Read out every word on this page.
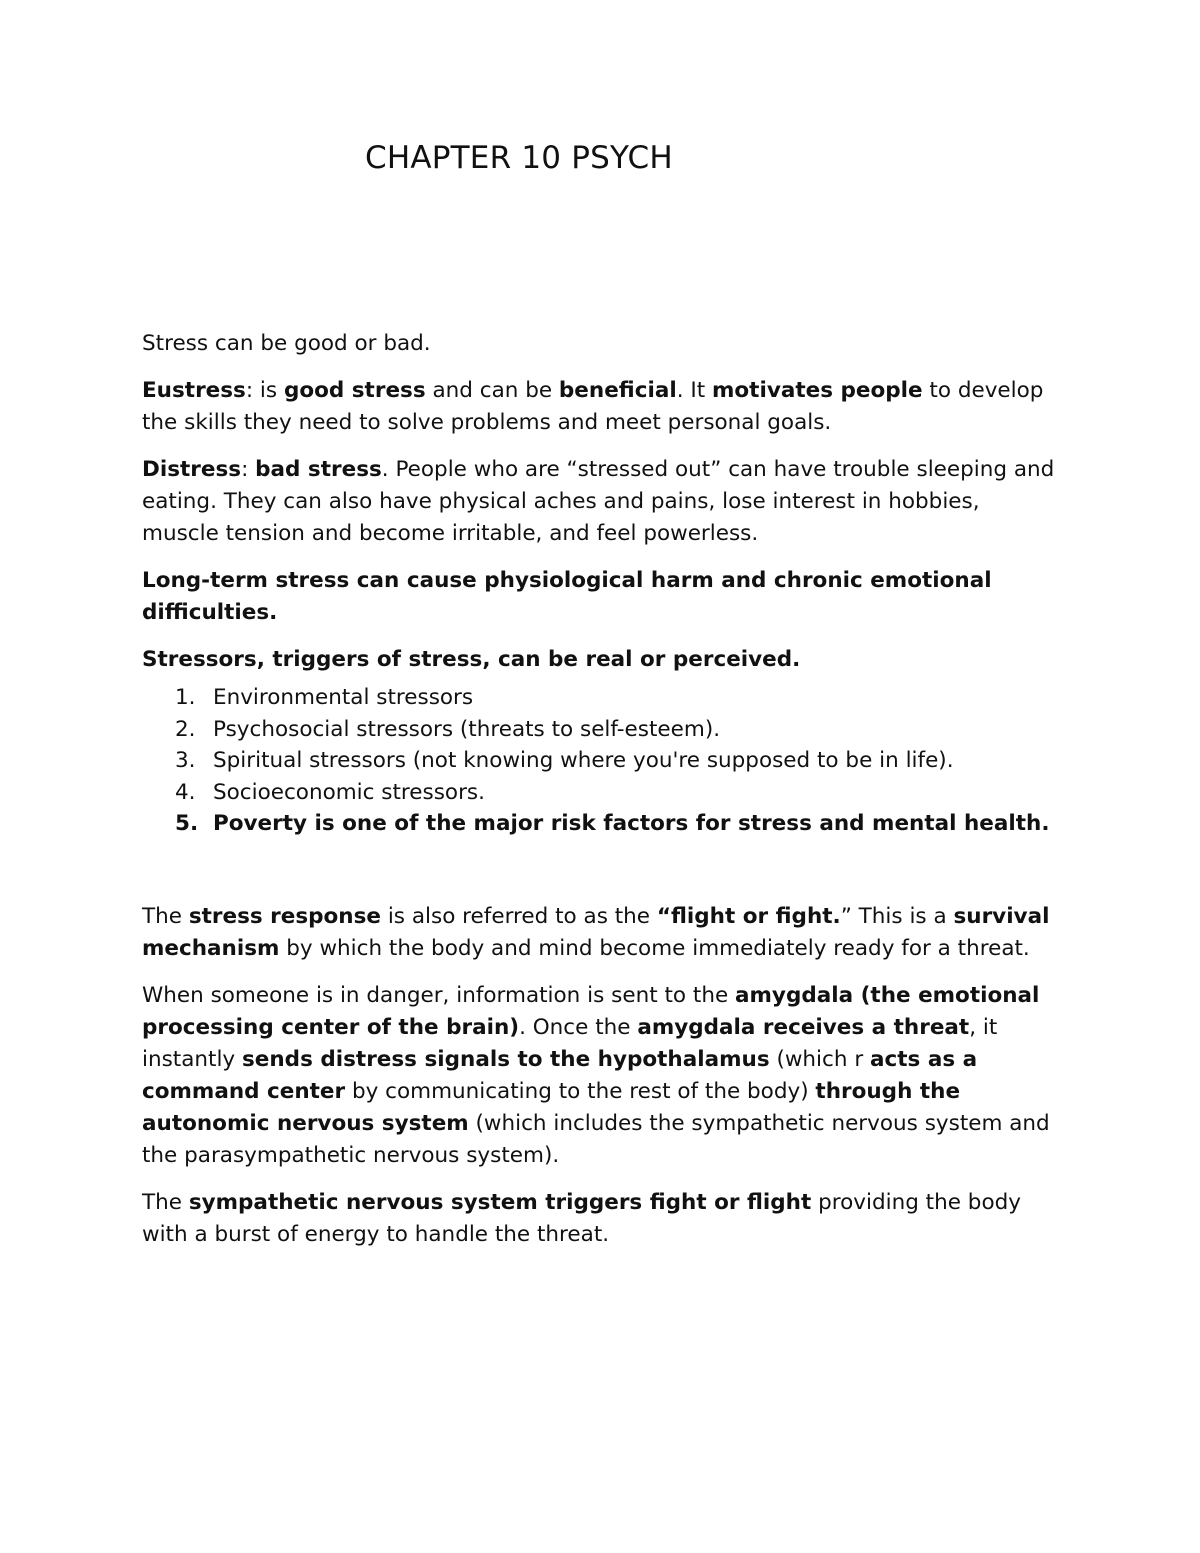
CHAPTER 10 PSYCH

Stress can be good or bad.

Eustress: is good stress and can be beneficial. It motivates people to develop the skills they need to solve problems and meet personal goals.

Distress: bad stress. People who are “stressed out” can have trouble sleeping and eating. They can also have physical aches and pains, lose interest in hobbies, muscle tension and become irritable, and feel powerless.

Long-term stress can cause physiological harm and chronic emotional difficulties.

Stressors, triggers of stress, can be real or perceived.

1. Environmental stressors
2. Psychosocial stressors (threats to self-esteem).
3. Spiritual stressors (not knowing where you're supposed to be in life).
4. Socioeconomic stressors.
5. Poverty is one of the major risk factors for stress and mental health.

The stress response is also referred to as the “flight or fight.” This is a survival mechanism by which the body and mind become immediately ready for a threat.

When someone is in danger, information is sent to the amygdala (the emotional processing center of the brain). Once the amygdala receives a threat, it instantly sends distress signals to the hypothalamus (which r acts as a command center by communicating to the rest of the body) through the autonomic nervous system (which includes the sympathetic nervous system and the parasympathetic nervous system).

The sympathetic nervous system triggers fight or flight providing the body with a burst of energy to handle the threat.
